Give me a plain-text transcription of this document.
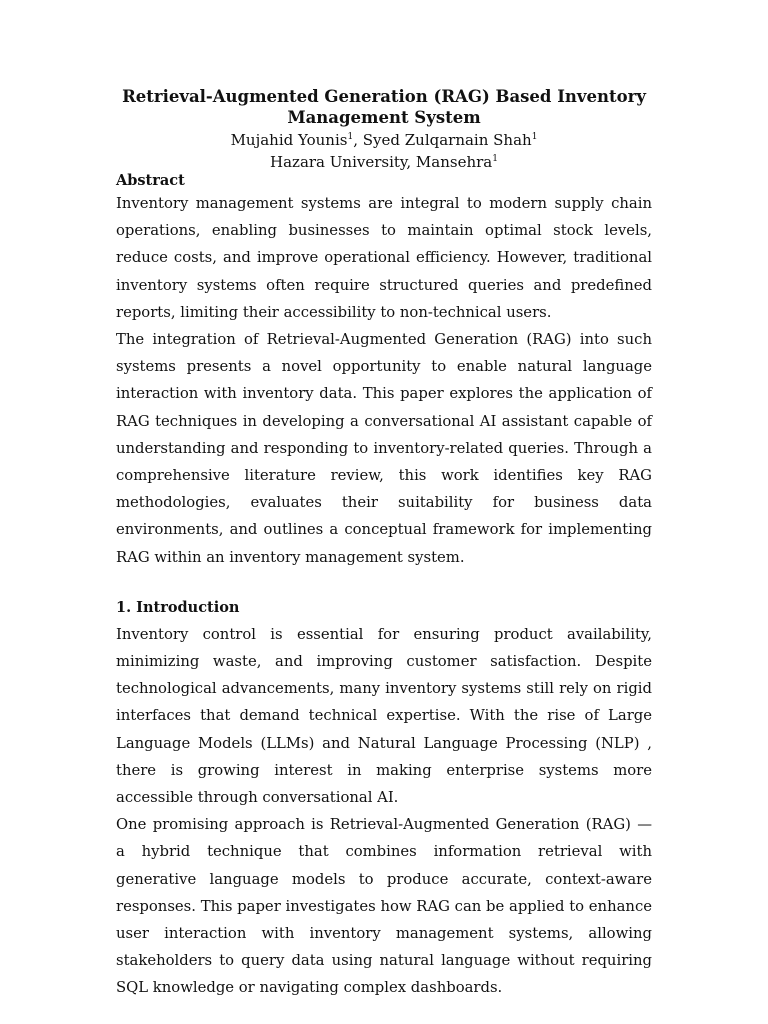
Retrieval-Augmented Generation (RAG) Based Inventory Management System

Mujahid Younis$^1$, Syed Zulqarnain Shah$^1$

Hazara University, Mansehra$^1$

Abstract

Inventory management systems are integral to modern supply chain operations, enabling businesses to maintain optimal stock levels, reduce costs, and improve operational efficiency. However, traditional inventory systems often require structured queries and predefined reports, limiting their accessibility to non-technical users.

The integration of Retrieval-Augmented Generation (RAG) into such systems presents a novel opportunity to enable natural language interaction with inventory data. This paper explores the application of RAG techniques in developing a conversational AI assistant capable of understanding and responding to inventory-related queries. Through a comprehensive literature review, this work identifies key RAG methodologies, evaluates their suitability for business data environments, and outlines a conceptual framework for implementing RAG within an inventory management system.

1. Introduction

Inventory control is essential for ensuring product availability, minimizing waste, and improving customer satisfaction. Despite technological advancements, many inventory systems still rely on rigid interfaces that demand technical expertise. With the rise of Large Language Models (LLMs) and Natural Language Processing (NLP) , there is growing interest in making enterprise systems more accessible through conversational AI.

One promising approach is Retrieval-Augmented Generation (RAG) — a hybrid technique that combines information retrieval with generative language models to produce accurate, context-aware responses. This paper investigates how RAG can be applied to enhance user interaction with inventory management systems, allowing stakeholders to query data using natural language without requiring SQL knowledge or navigating complex dashboards.
